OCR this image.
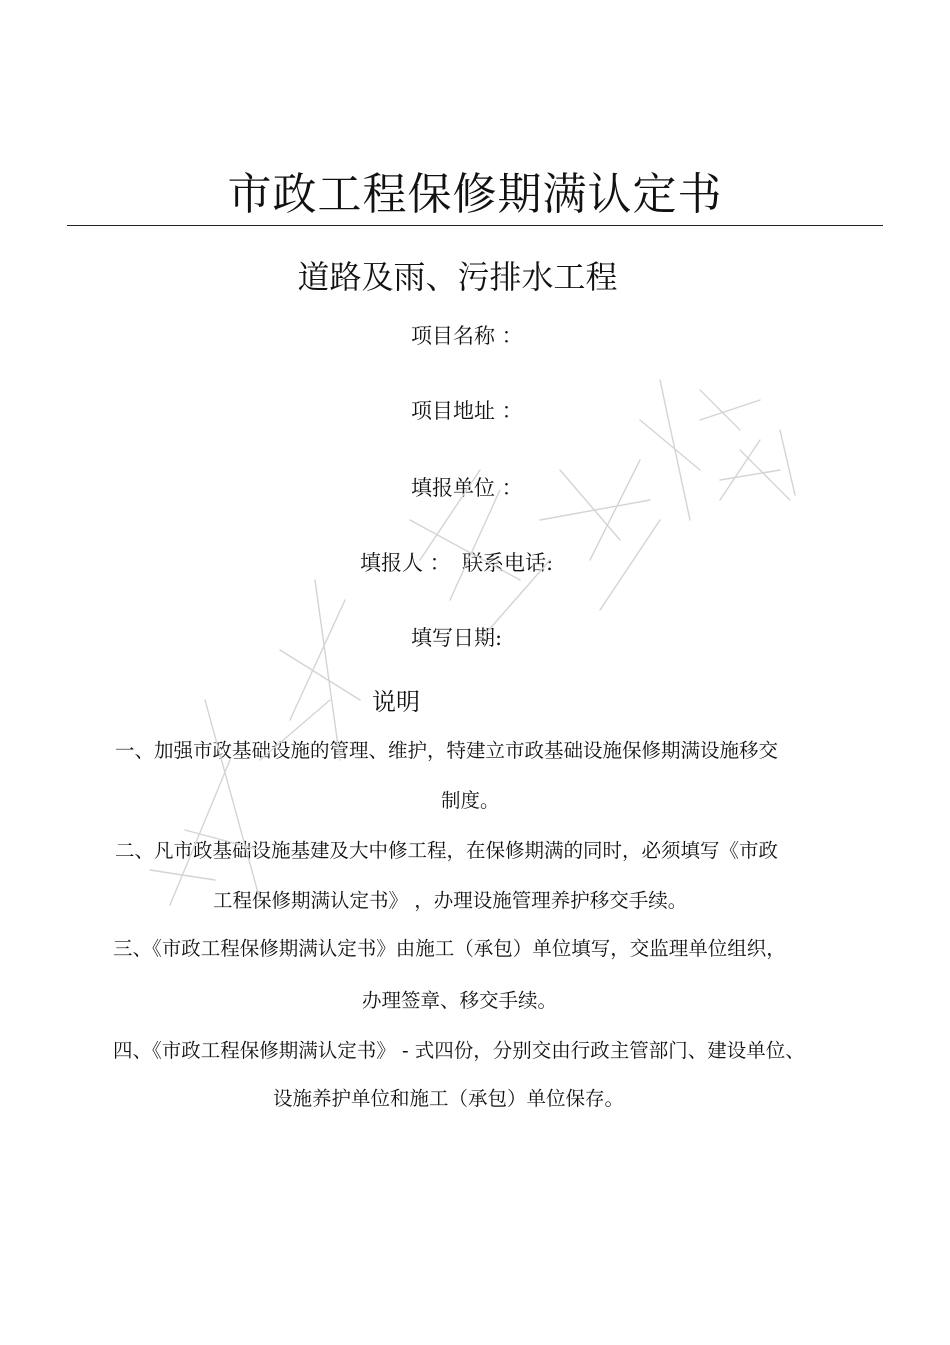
市政工程保修期满认定书
道路及雨、污排水工程
项目名称 ：
项目地址 ：
填报单位 ：
填报人 ： 联系电话:
填写日期:
说明
一、加强市政基础设施的管理、维护，特建立市政基础设施保修期满设施移交
制度。
二、凡市政基础设施基建及大中修工程，在保修期满的同时，必须填写《市政
工程保修期满认定书》 ，办理设施管理养护移交手续。
三、《市政工程保修期满认定书》由施工（承包）单位填写，交监理单位组织，
办理签章、移交手续。
四、《市政工程保修期满认定书》 - 式四份，分别交由行政主管部门、建设单位、
设施养护单位和施工（承包）单位保存。
